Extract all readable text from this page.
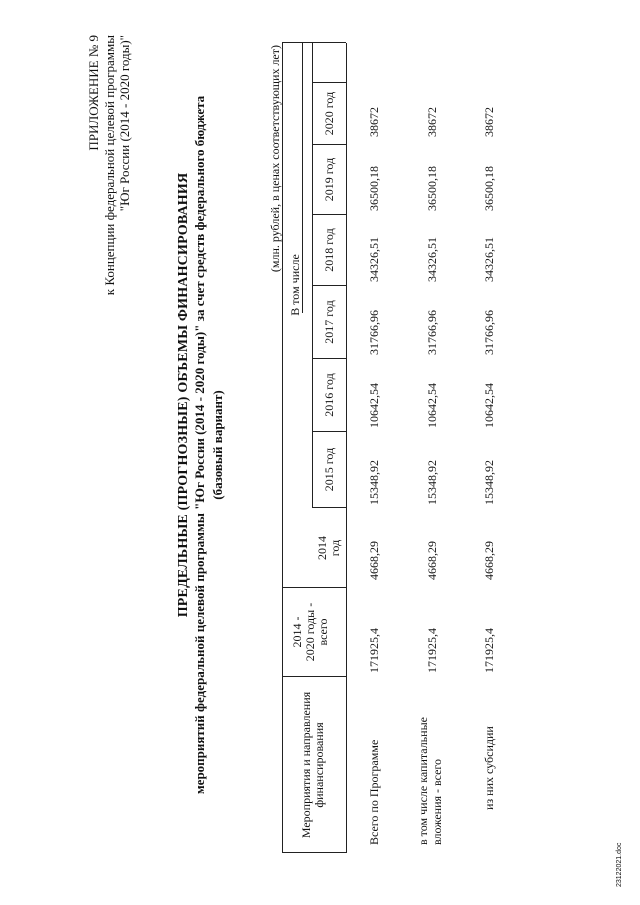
ПРИЛОЖЕНИЕ № 9 к Концепции федеральной целевой программы "Юг России (2014 - 2020 годы)"
ПРЕДЕЛЬНЫЕ (ПРОГНОЗНЫЕ) ОБЪЕМЫ ФИНАНСИРОВАНИЯ мероприятий федеральной целевой программы "Юг России (2014 - 2020 годы)" за счет средств федерального бюджета (базовый вариант)
(млн. рублей, в ценах соответствующих лет)
Мероприятия и направления финансирования
2014 - 2020 годы - всего
В том числе
2014 год
2015 год
2016 год
2017 год
2018 год
2019 год
2020 год
Всего по Программе
171925,4
4668,29
15348,92
10642,54
31766,96
34326,51
36500,18
38672
в том числе капитальные вложения - всего
171925,4
4668,29
15348,92
10642,54
31766,96
34326,51
36500,18
38672
из них субсидии
171925,4
4668,29
15348,92
10642,54
31766,96
34326,51
36500,18
38672
23122021.doc
